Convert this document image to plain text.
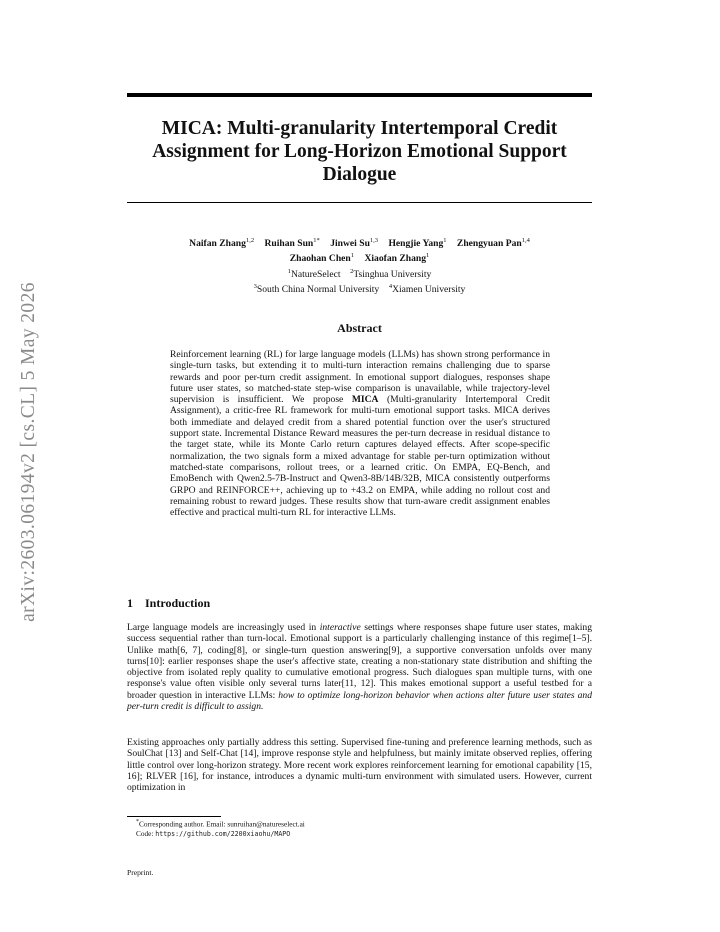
arXiv:2603.06194v2 [cs.CL] 5 May 2026
MICA: Multi-granularity Intertemporal Credit
Assignment for Long-Horizon Emotional Support
Dialogue
Naifan Zhang$^{1,2}$ Ruihan Sun$^{1*}$ Jinwei Su$^{1,3}$ Hengjie Yang$^1$ Zhengyuan Pan$^{1,4}$
Zhaohan Chen$^1$ Xiaofan Zhang$^1$
$^1$NatureSelect $^2$Tsinghua University
$^3$South China Normal University $^4$Xiamen University
Abstract

Reinforcement learning (RL) for large language models (LLMs) has shown strong performance in single-turn tasks, but extending it to multi-turn interaction remains challenging due to sparse rewards and poor per-turn credit assignment. In emotional support dialogues, responses shape future user states, so matched-state step-wise comparison is unavailable, while trajectory-level supervision is insufficient. We propose MICA (Multi-granularity Intertemporal Credit Assignment), a critic-free RL framework for multi-turn emotional support tasks. MICA derives both immediate and delayed credit from a shared potential function over the user's structured support state. Incremental Distance Reward measures the per-turn decrease in residual distance to the target state, while its Monte Carlo return captures delayed effects. After scope-specific normalization, the two signals form a mixed advantage for stable per-turn optimization without matched-state comparisons, rollout trees, or a learned critic. On EMPA, EQ-Bench, and EmoBench with Qwen2.5-7B-Instruct and Qwen3-8B/14B/32B, MICA consistently outperforms GRPO and REINFORCE++, achieving up to +43.2 on EMPA, while adding no rollout cost and remaining robust to reward judges. These results show that turn-aware credit assignment enables effective and practical multi-turn RL for interactive LLMs.

1 Introduction

Large language models are increasingly used in interactive settings where responses shape future user states, making success sequential rather than turn-local. Emotional support is a particularly challenging instance of this regime[1–5]. Unlike math[6, 7], coding[8], or single-turn question answering[9], a supportive conversation unfolds over many turns[10]: earlier responses shape the user's affective state, creating a non-stationary state distribution and shifting the objective from isolated reply quality to cumulative emotional progress. Such dialogues span multiple turns, with one response's value often visible only several turns later[11, 12]. This makes emotional support a useful testbed for a broader question in interactive LLMs: how to optimize long-horizon behavior when actions alter future user states and per-turn credit is difficult to assign.

Existing approaches only partially address this setting. Supervised fine-tuning and preference learning methods, such as SoulChat [13] and Self-Chat [14], improve response style and helpfulness, but mainly imitate observed replies, offering little control over long-horizon strategy. More recent work explores reinforcement learning for emotional capability [15, 16]; RLVER [16], for instance, introduces a dynamic multi-turn environment with simulated users. However, current optimization in

*Corresponding author. Email: sunruihan@natureselect.ai
Code: https://github.com/2200xiaohu/MAPO
Preprint.
